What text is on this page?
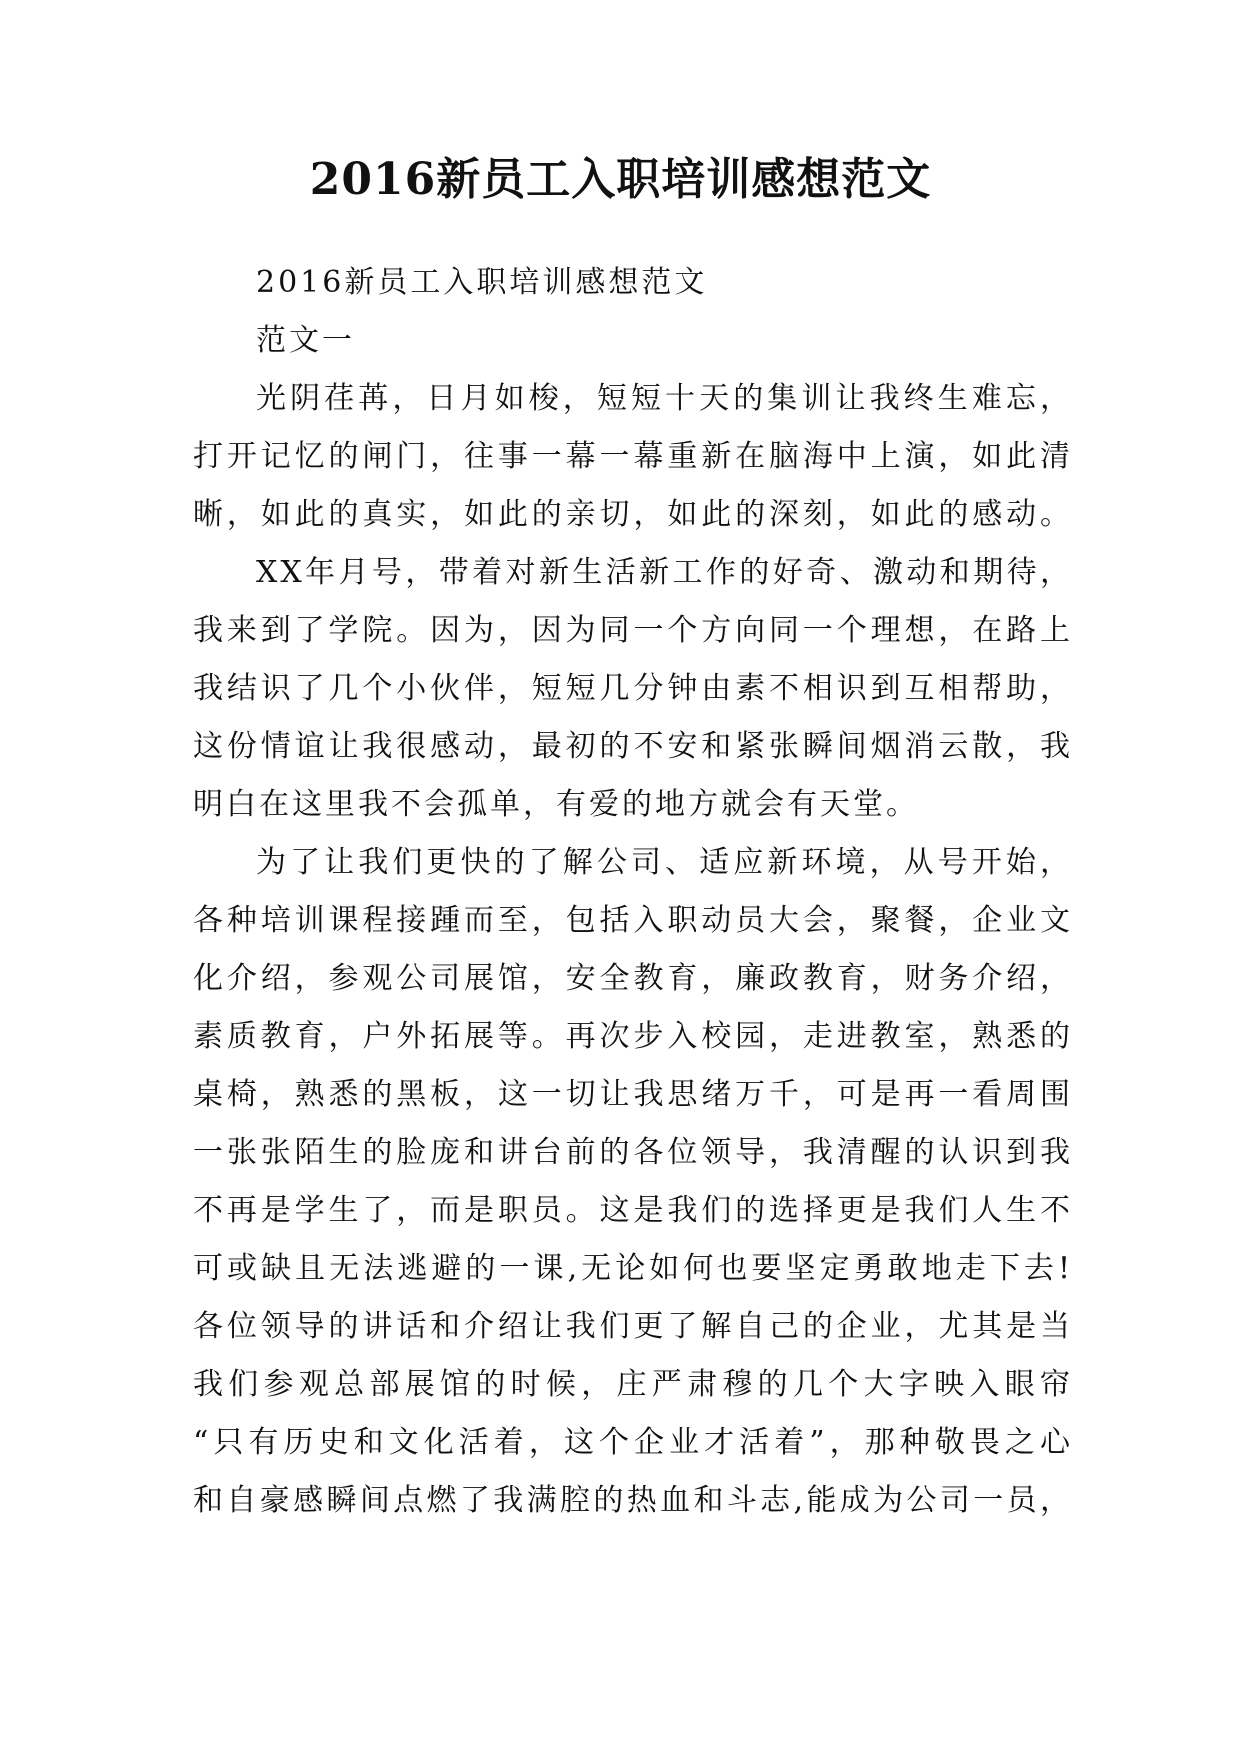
2016新员工入职培训感想范文
2016新员工入职培训感想范文
范文一
光阴荏苒，日月如梭，短短十天的集训让我终生难忘，
打开记忆的闸门，往事一幕一幕重新在脑海中上演，如此清
晰，如此的真实，如此的亲切，如此的深刻，如此的感动。
XX年月号，带着对新生活新工作的好奇、激动和期待，
我来到了学院。因为，因为同一个方向同一个理想，在路上
我结识了几个小伙伴，短短几分钟由素不相识到互相帮助，
这份情谊让我很感动，最初的不安和紧张瞬间烟消云散，我
明白在这里我不会孤单，有爱的地方就会有天堂。
为了让我们更快的了解公司、适应新环境，从号开始，
各种培训课程接踵而至，包括入职动员大会，聚餐，企业文
化介绍，参观公司展馆，安全教育，廉政教育，财务介绍，
素质教育，户外拓展等。再次步入校园，走进教室，熟悉的
桌椅，熟悉的黑板，这一切让我思绪万千，可是再一看周围
一张张陌生的脸庞和讲台前的各位领导，我清醒的认识到我
不再是学生了，而是职员。这是我们的选择更是我们人生不
可或缺且无法逃避的一课,无论如何也要坚定勇敢地走下去!
各位领导的讲话和介绍让我们更了解自己的企业，尤其是当
我们参观总部展馆的时候，庄严肃穆的几个大字映入眼帘
“只有历史和文化活着，这个企业才活着”，那种敬畏之心
和自豪感瞬间点燃了我满腔的热血和斗志,能成为公司一员，
